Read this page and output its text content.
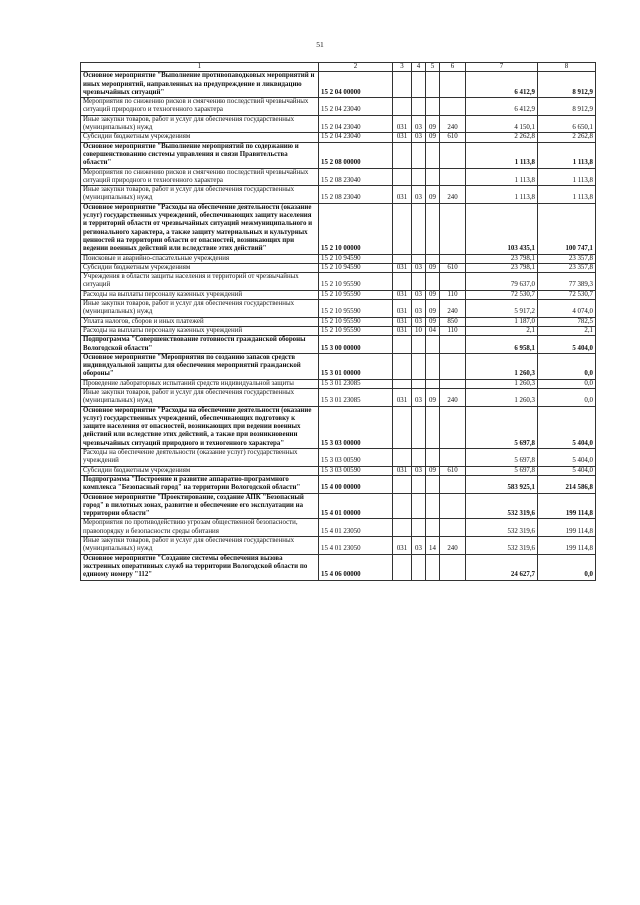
51
1	2	3	4	5	6	7	8
Основное мероприятие "Выполнение противопаводковых мероприятий и иных мероприятий, направленных на предупреждение и ликвидацию чрезвычайных ситуаций"	15 2 04 00000					6 412,9	8 912,9
Мероприятия по снижению рисков и смягчению последствий чрезвычайных ситуаций природного и техногенного характера	15 2 04 23040					6 412,9	8 912,9
Иные закупки товаров, работ и услуг для обеспечения государственных (муниципальных) нужд	15 2 04 23040	031	03	09	240	4 150,1	6 650,1
Субсидии бюджетным учреждениям	15 2 04 23040	031	03	09	610	2 262,8	2 262,8
Основное мероприятие "Выполнение мероприятий по содержанию и совершенствованию системы управления и связи Правительства области"	15 2 08 00000					1 113,8	1 113,8
Мероприятия по снижению рисков и смягчению последствий чрезвычайных ситуаций природного и техногенного характера	15 2 08 23040					1 113,8	1 113,8
Иные закупки товаров, работ и услуг для обеспечения государственных (муниципальных) нужд	15 2 08 23040	031	03	09	240	1 113,8	1 113,8
Основное мероприятие "Расходы на обеспечение деятельности (оказание услуг) государственных учреждений, обеспечивающих защиту населения и территорий области от чрезвычайных ситуаций межмуниципального и регионального характера, а также защиту материальных и культурных ценностей на территории области от опасностей, возникающих при ведении военных действий или вследствие этих действий"	15 2 10 00000					103 435,1	100 747,1
Поисковые и аварийно-спасательные учреждения	15 2 10 94590					23 798,1	23 357,8
Субсидии бюджетным учреждениям	15 2 10 94590	031	03	09	610	23 798,1	23 357,8
Учреждения в области защиты населения и территорий от чрезвычайных ситуаций	15 2 10 95590					79 637,0	77 389,3
Расходы на выплаты персоналу казенных учреждений	15 2 10 95590	031	03	09	110	72 530,7	72 530,7
Иные закупки товаров, работ и услуг для обеспечения государственных (муниципальных) нужд	15 2 10 95590	031	03	09	240	5 917,2	4 074,0
Уплата налогов, сборов и иных платежей	15 2 10 95590	031	03	09	850	1 187,0	782,5
Расходы на выплаты персоналу казенных учреждений	15 2 10 95590	031	10	04	110	2,1	2,1
Подпрограмма "Совершенствование готовности гражданской обороны Вологодской области"	15 3 00 00000					6 958,1	5 404,0
Основное мероприятие "Мероприятия по созданию запасов средств индивидуальной защиты для обеспечения мероприятий гражданской обороны"	15 3 01 00000					1 260,3	0,0
Проведение лабораторных испытаний средств индивидуальной защиты	15 3 01 23085					1 260,3	0,0
Иные закупки товаров, работ и услуг для обеспечения государственных (муниципальных) нужд	15 3 01 23085	031	03	09	240	1 260,3	0,0
Основное мероприятие "Расходы на обеспечение деятельности (оказание услуг) государственных учреждений, обеспечивающих подготовку к защите населения от опасностей, возникающих при ведении военных действий или вследствие этих действий, а также при возникновении чрезвычайных ситуаций природного и техногенного характера"	15 3 03 00000					5 697,8	5 404,0
Расходы на обеспечение деятельности (оказание услуг) государственных учреждений	15 3 03 00590					5 697,8	5 404,0
Субсидии бюджетным учреждениям	15 3 03 00590	031	03	09	610	5 697,8	5 404,0
Подпрограмма "Построение и развитие аппаратно-программного комплекса "Безопасный город" на территории Вологодской области"	15 4 00 00000					583 925,1	214 586,8
Основное мероприятие "Проектирование, создание АПК "Безопасный город" в пилотных зонах, развитие и обеспечение его эксплуатации на территории области"	15 4 01 00000					532 319,6	199 114,8
Мероприятия по противодействию угрозам общественной безопасности, правопорядку и безопасности среды обитания	15 4 01 23050					532 319,6	199 114,8
Иные закупки товаров, работ и услуг для обеспечения государственных (муниципальных) нужд	15 4 01 23050	031	03	14	240	532 319,6	199 114,8
Основное мероприятие "Создание системы обеспечения вызова экстренных оперативных служб на территории Вологодской области по единому номеру "112"	15 4 06 00000					24 627,7	0,0
